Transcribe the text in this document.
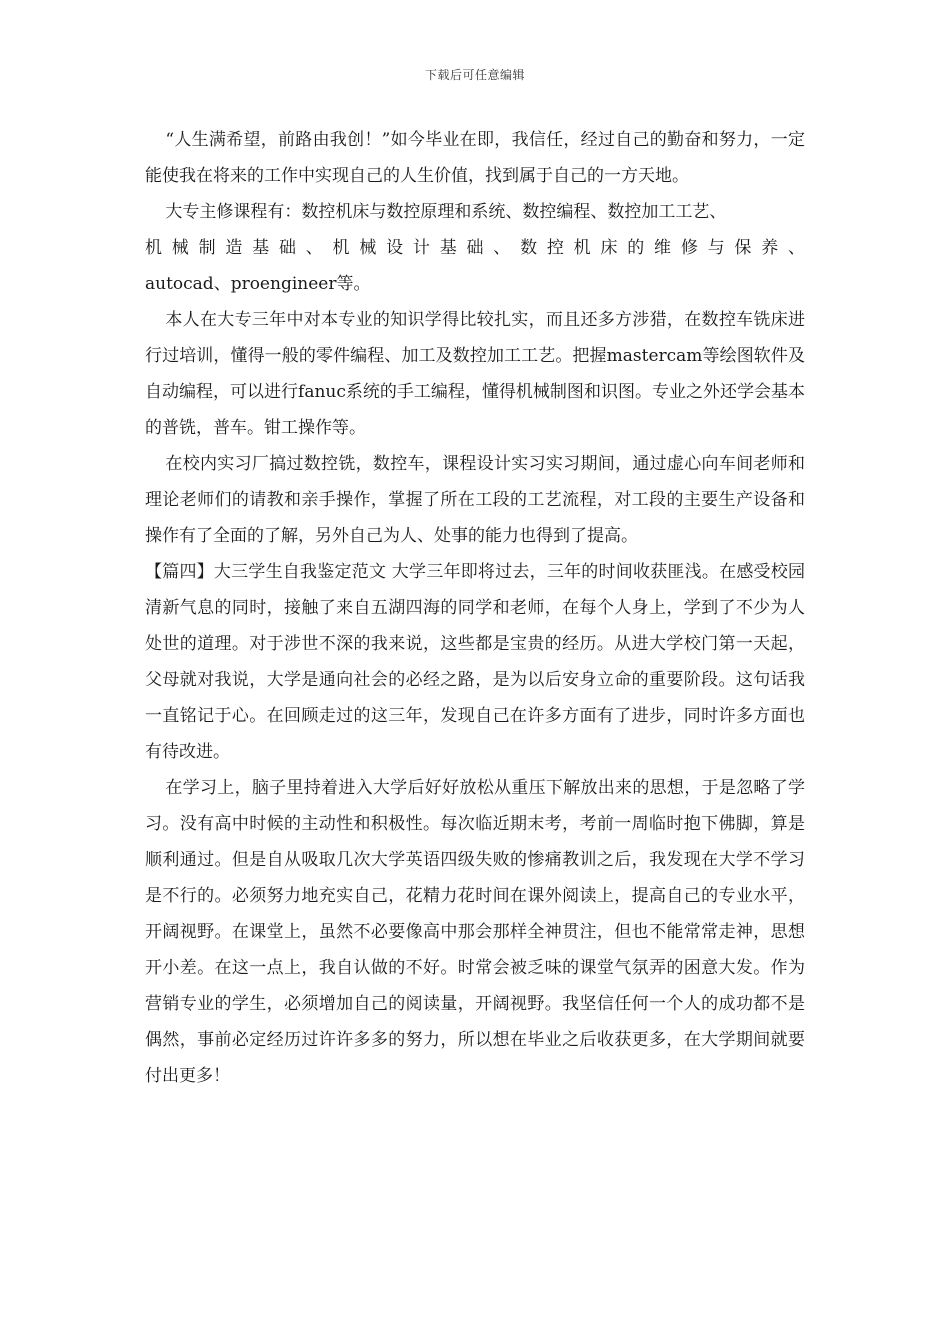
下载后可任意编辑

“人生满希望，前路由我创！”如今毕业在即，我信任，经过自己的勤奋和努力，一定能使我在将来的工作中实现自己的人生价值，找到属于自己的一方天地。

大专主修课程有：数控机床与数控原理和系统、数控编程、数控加工工艺、

机械制造基础、机械设计基础、数控机床的维修与保养、

autocad、proengineer等。

本人在大专三年中对本专业的知识学得比较扎实，而且还多方涉猎，在数控车铣床进行过培训，懂得一般的零件编程、加工及数控加工工艺。把握mastercam等绘图软件及自动编程，可以进行fanuc系统的手工编程，懂得机械制图和识图。专业之外还学会基本的普铣，普车。钳工操作等。

在校内实习厂搞过数控铣，数控车，课程设计实习实习期间，通过虚心向车间老师和理论老师们的请教和亲手操作，掌握了所在工段的工艺流程，对工段的主要生产设备和操作有了全面的了解，另外自己为人、处事的能力也得到了提高。

【篇四】大三学生自我鉴定范文 大学三年即将过去，三年的时间收获匪浅。在感受校园清新气息的同时，接触了来自五湖四海的同学和老师，在每个人身上，学到了不少为人处世的道理。对于涉世不深的我来说，这些都是宝贵的经历。从进大学校门第一天起，父母就对我说，大学是通向社会的必经之路，是为以后安身立命的重要阶段。这句话我一直铭记于心。在回顾走过的这三年，发现自己在许多方面有了进步，同时许多方面也有待改进。

在学习上，脑子里持着进入大学后好好放松从重压下解放出来的思想，于是忽略了学习。没有高中时候的主动性和积极性。每次临近期末考，考前一周临时抱下佛脚，算是顺利通过。但是自从吸取几次大学英语四级失败的惨痛教训之后，我发现在大学不学习是不行的。必须努力地充实自己，花精力花时间在课外阅读上，提高自己的专业水平，开阔视野。在课堂上，虽然不必要像高中那会那样全神贯注，但也不能常常走神，思想开小差。在这一点上，我自认做的不好。时常会被乏味的课堂气氛弄的困意大发。作为营销专业的学生，必须增加自己的阅读量，开阔视野。我坚信任何一个人的成功都不是偶然，事前必定经历过许许多多的努力，所以想在毕业之后收获更多，在大学期间就要付出更多！
